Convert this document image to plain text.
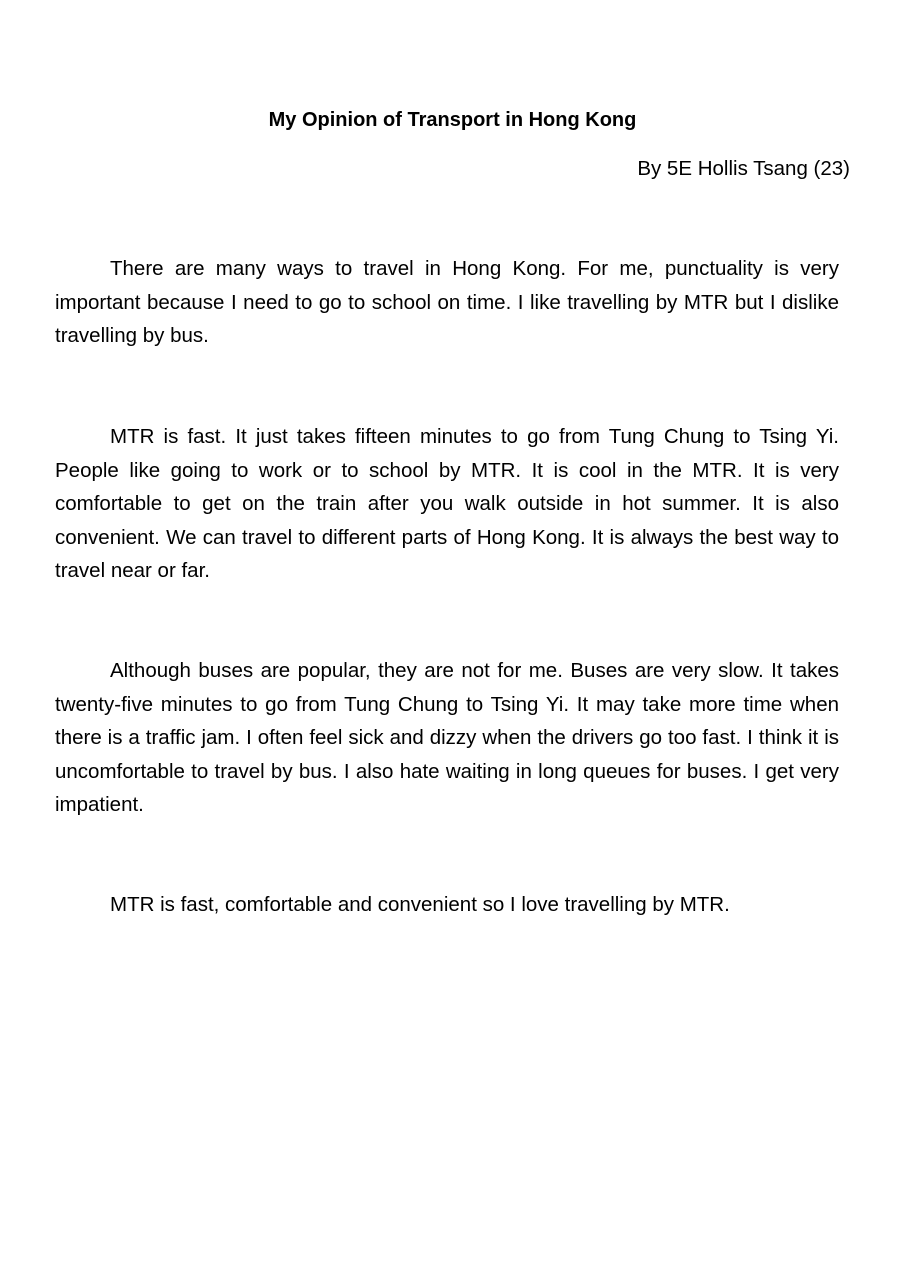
My Opinion of Transport in Hong Kong

By 5E Hollis Tsang (23)

There are many ways to travel in Hong Kong. For me, punctuality is very important because I need to go to school on time. I like travelling by MTR but I dislike travelling by bus.

MTR is fast. It just takes fifteen minutes to go from Tung Chung to Tsing Yi. People like going to work or to school by MTR. It is cool in the MTR. It is very comfortable to get on the train after you walk outside in hot summer. It is also convenient. We can travel to different parts of Hong Kong. It is always the best way to travel near or far.

Although buses are popular, they are not for me. Buses are very slow. It takes twenty-five minutes to go from Tung Chung to Tsing Yi. It may take more time when there is a traffic jam. I often feel sick and dizzy when the drivers go too fast. I think it is uncomfortable to travel by bus. I also hate waiting in long queues for buses. I get very impatient.

MTR is fast, comfortable and convenient so I love travelling by MTR.
